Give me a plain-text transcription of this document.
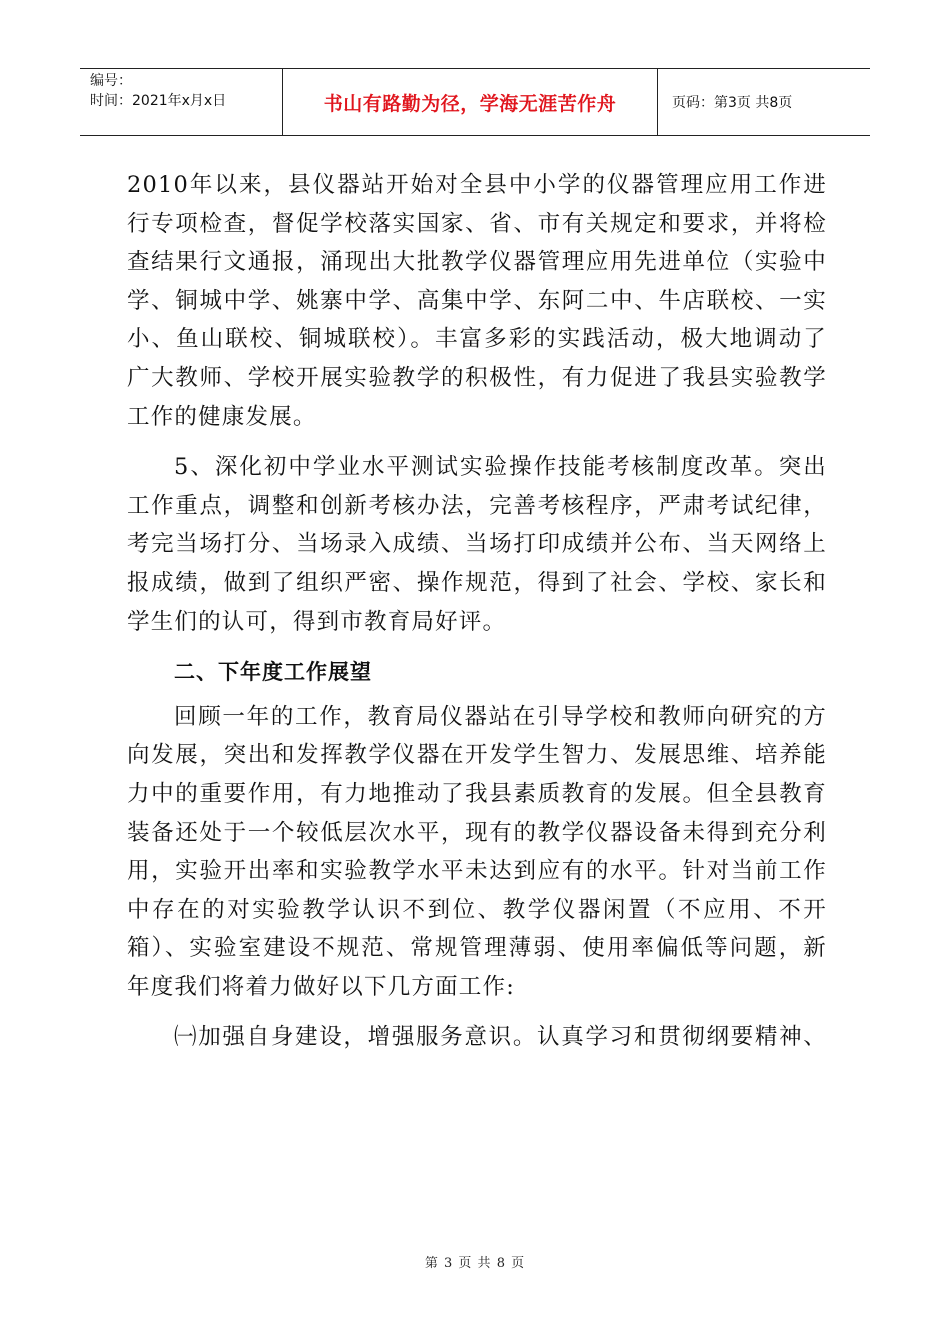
编号：
时间：2021年x月x日	书山有路勤为径，学海无涯苦作舟	页码：第3页 共8页
2010年以来，县仪器站开始对全县中小学的仪器管理应用工作进
行专项检查，督促学校落实国家、省、市有关规定和要求，并将检
查结果行文通报，涌现出大批教学仪器管理应用先进单位（实验中
学、铜城中学、姚寨中学、高集中学、东阿二中、牛店联校、一实
小、鱼山联校、铜城联校）。丰富多彩的实践活动，极大地调动了
广大教师、学校开展实验教学的积极性，有力促进了我县实验教学
工作的健康发展。
5、深化初中学业水平测试实验操作技能考核制度改革。突出
工作重点，调整和创新考核办法，完善考核程序，严肃考试纪律，
考完当场打分、当场录入成绩、当场打印成绩并公布、当天网络上
报成绩，做到了组织严密、操作规范，得到了社会、学校、家长和
学生们的认可，得到市教育局好评。
二、下年度工作展望
回顾一年的工作，教育局仪器站在引导学校和教师向研究的方
向发展，突出和发挥教学仪器在开发学生智力、发展思维、培养能
力中的重要作用，有力地推动了我县素质教育的发展。但全县教育
装备还处于一个较低层次水平，现有的教学仪器设备未得到充分利
用，实验开出率和实验教学水平未达到应有的水平。针对当前工作
中存在的对实验教学认识不到位、教学仪器闲置（不应用、不开
箱）、实验室建设不规范、常规管理薄弱、使用率偏低等问题，新
年度我们将着力做好以下几方面工作:
㈠加强自身建设，增强服务意识。认真学习和贯彻纲要精神、
第 3 页 共 8 页
